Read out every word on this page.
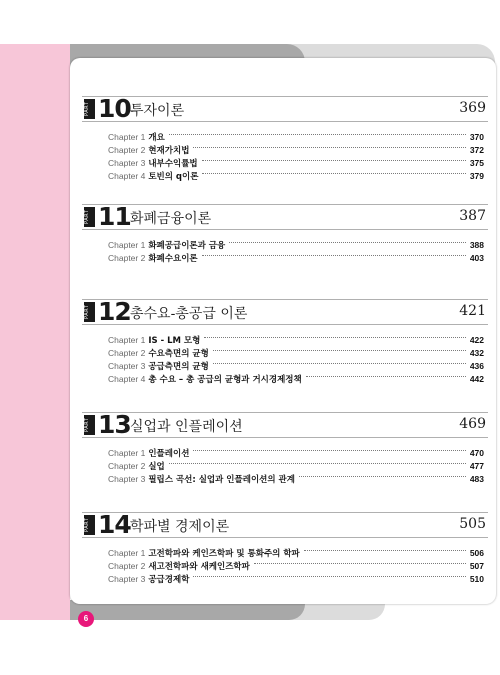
PART 10 투자이론	369
Chapter 1 개요	370
Chapter 2 현재가치법	372
Chapter 3 내부수익률법	375
Chapter 4 토빈의 q이론	379
PART 11 화폐금융이론	387
Chapter 1 화폐공급이론과 금융	388
Chapter 2 화폐수요이론	403
PART 12 총수요-총공급 이론	421
Chapter 1 IS - LM 모형	422
Chapter 2 수요측면의 균형	432
Chapter 3 공급측면의 균형	436
Chapter 4 총 수요 – 총 공급의 균형과 거시경제정책	442
PART 13 실업과 인플레이션	469
Chapter 1 인플레이션	470
Chapter 2 실업	477
Chapter 3 필립스 곡선: 실업과 인플레이션의 관계	483
PART 14 학파별 경제이론	505
Chapter 1 고전학파와 케인즈학파 및 통화주의 학파	506
Chapter 2 새고전학파와 새케인즈학파	507
Chapter 3 공급경제학	510
6
